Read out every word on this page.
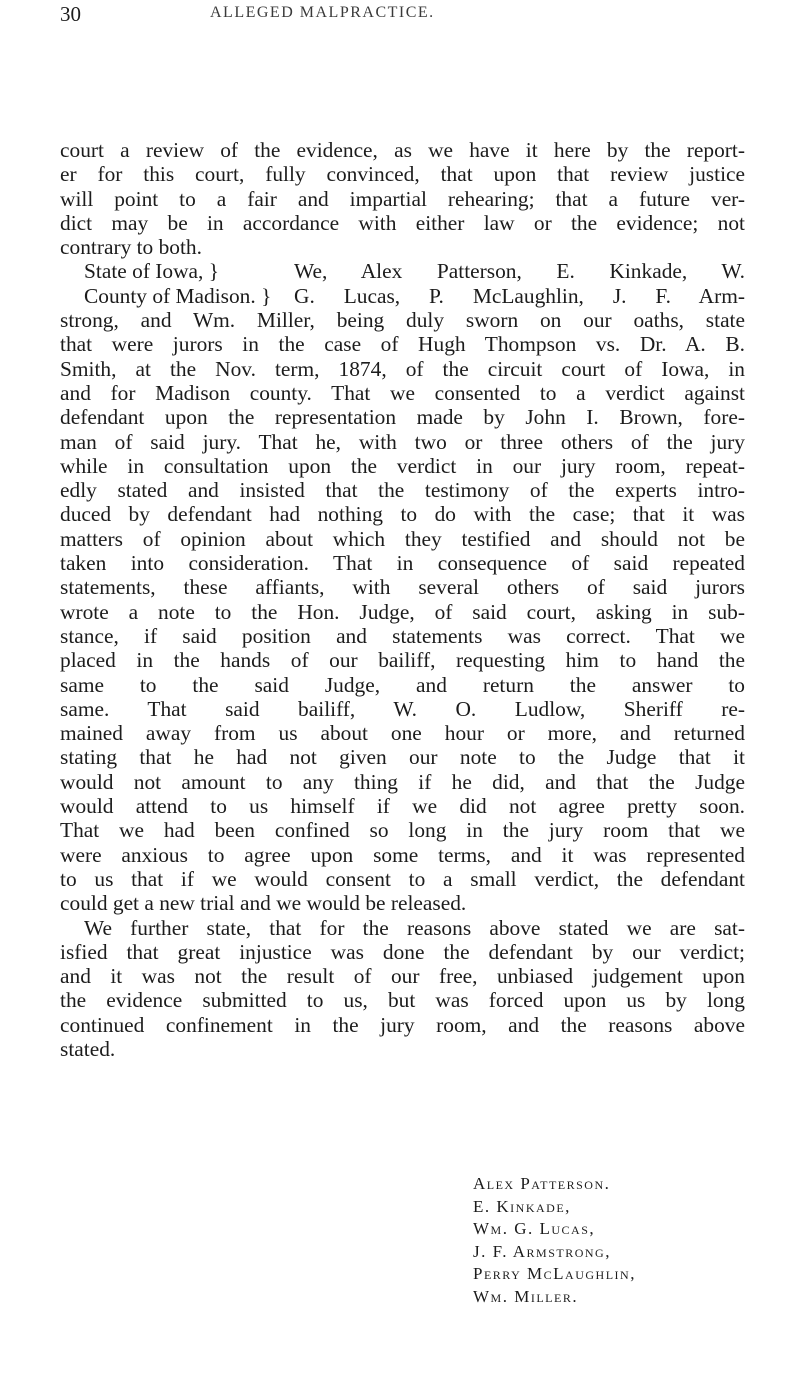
30	ALLEGED MALPRACTICE.
court a review of the evidence, as we have it here by the report-
er for this court, fully convinced, that upon that review justice
will point to a fair and impartial rehearing; that a future ver-
dict may be in accordance with either law or the evidence; not
contrary to both.
State of Iowa, }	We, Alex Patterson, E. Kinkade, W.
County of Madison. }	G. Lucas, P. McLaughlin, J. F. Arm-
strong, and Wm. Miller, being duly sworn on our oaths, state
that were jurors in the case of Hugh Thompson vs. Dr. A. B.
Smith, at the Nov. term, 1874, of the circuit court of Iowa, in
and for Madison county. That we consented to a verdict against
defendant upon the representation made by John I. Brown, fore-
man of said jury. That he, with two or three others of the jury
while in consultation upon the verdict in our jury room, repeat-
edly stated and insisted that the testimony of the experts intro-
duced by defendant had nothing to do with the case; that it was
matters of opinion about which they testified and should not be
taken into consideration. That in consequence of said repeated
statements, these affiants, with several others of said jurors
wrote a note to the Hon. Judge, of said court, asking in sub-
stance, if said position and statements was correct. That we
placed in the hands of our bailiff, requesting him to hand the
same to the said Judge, and return the answer to
same. That said bailiff, W. O. Ludlow, Sheriff re-
mained away from us about one hour or more, and returned
stating that he had not given our note to the Judge that it
would not amount to any thing if he did, and that the Judge
would attend to us himself if we did not agree pretty soon.
That we had been confined so long in the jury room that we
were anxious to agree upon some terms, and it was represented
to us that if we would consent to a small verdict, the defendant
could get a new trial and we would be released.
We further state, that for the reasons above stated we are sat-
isfied that great injustice was done the defendant by our verdict;
and it was not the result of our free, unbiased judgement upon
the evidence submitted to us, but was forced upon us by long
continued confinement in the jury room, and the reasons above
stated.
Alex Patterson.
E. Kinkade,
Wm. G. Lucas,
J. F. Armstrong,
Perry McLaughlin,
Wm. Miller.
